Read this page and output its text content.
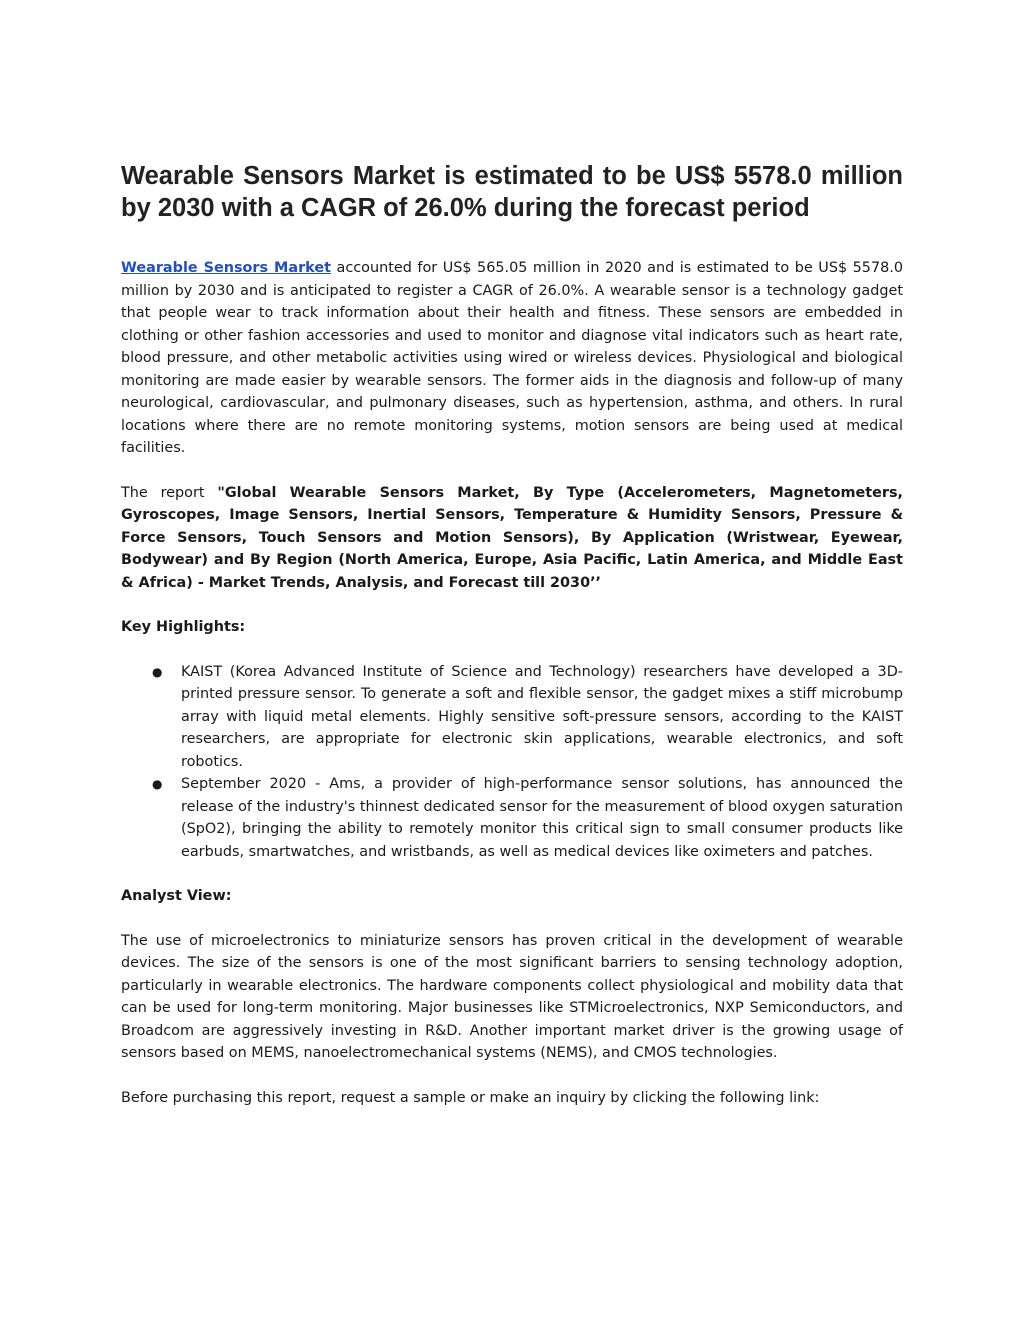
Wearable Sensors Market is estimated to be US$ 5578.0 million by 2030 with a CAGR of 26.0% during the forecast period

Wearable Sensors Market accounted for US$ 565.05 million in 2020 and is estimated to be US$ 5578.0 million by 2030 and is anticipated to register a CAGR of 26.0%. A wearable sensor is a technology gadget that people wear to track information about their health and fitness. These sensors are embedded in clothing or other fashion accessories and used to monitor and diagnose vital indicators such as heart rate, blood pressure, and other metabolic activities using wired or wireless devices. Physiological and biological monitoring are made easier by wearable sensors. The former aids in the diagnosis and follow-up of many neurological, cardiovascular, and pulmonary diseases, such as hypertension, asthma, and others. In rural locations where there are no remote monitoring systems, motion sensors are being used at medical facilities.

The report "Global Wearable Sensors Market, By Type (Accelerometers, Magnetometers, Gyroscopes, Image Sensors, Inertial Sensors, Temperature & Humidity Sensors, Pressure & Force Sensors, Touch Sensors and Motion Sensors), By Application (Wristwear, Eyewear, Bodywear) and By Region (North America, Europe, Asia Pacific, Latin America, and Middle East & Africa) - Market Trends, Analysis, and Forecast till 2030’’

Key Highlights:

● KAIST (Korea Advanced Institute of Science and Technology) researchers have developed a 3D-printed pressure sensor. To generate a soft and flexible sensor, the gadget mixes a stiff microbump array with liquid metal elements. Highly sensitive soft-pressure sensors, according to the KAIST researchers, are appropriate for electronic skin applications, wearable electronics, and soft robotics.
● September 2020 - Ams, a provider of high-performance sensor solutions, has announced the release of the industry's thinnest dedicated sensor for the measurement of blood oxygen saturation (SpO2), bringing the ability to remotely monitor this critical sign to small consumer products like earbuds, smartwatches, and wristbands, as well as medical devices like oximeters and patches.

Analyst View:

The use of microelectronics to miniaturize sensors has proven critical in the development of wearable devices. The size of the sensors is one of the most significant barriers to sensing technology adoption, particularly in wearable electronics. The hardware components collect physiological and mobility data that can be used for long-term monitoring. Major businesses like STMicroelectronics, NXP Semiconductors, and Broadcom are aggressively investing in R&D. Another important market driver is the growing usage of sensors based on MEMS, nanoelectromechanical systems (NEMS), and CMOS technologies.

Before purchasing this report, request a sample or make an inquiry by clicking the following link:
